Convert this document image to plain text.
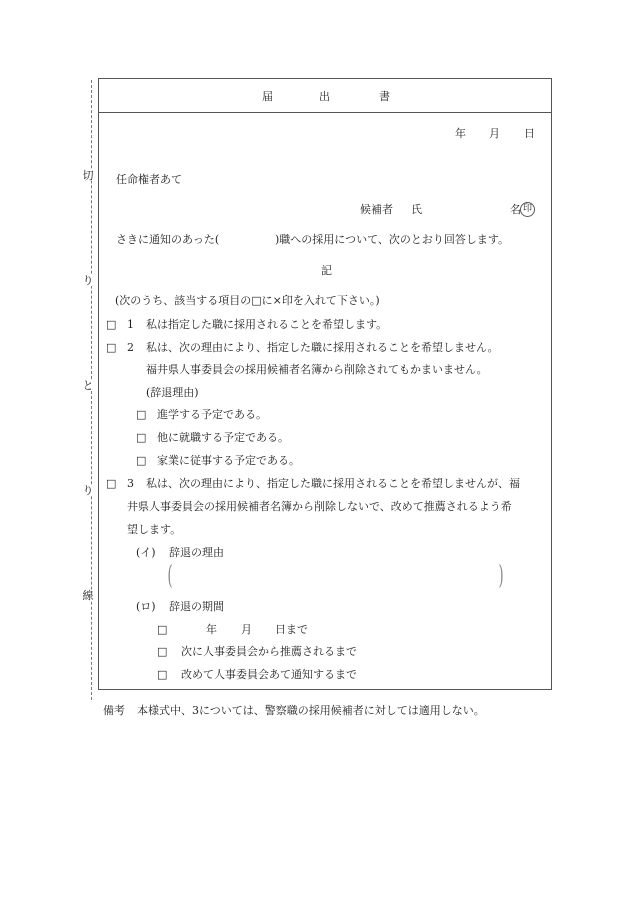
切
り
と
り
線
届	出	書
年 月 日
任命権者あて
候補者 氏	名 印
さきに通知のあった(	)職への採用について、次のとおり回答します。
記
(次のうち、該当する項目の□に×印を入れて下さい。)
□ 1 私は指定した職に採用されることを希望します。
□ 2 私は、次の理由により、指定した職に採用されることを希望しません。
福井県人事委員会の採用候補者名簿から削除されてもかまいません。
(辞退理由)
□ 進学する予定である。
□ 他に就職する予定である。
□ 家業に従事する予定である。
□ 3 私は、次の理由により、指定した職に採用されることを希望しませんが、福
井県人事委員会の採用候補者名簿から削除しないで、改めて推薦されるよう希
望します。
(イ) 辞退の理由
(	)
(ロ) 辞退の期間
□	年 月 日まで
□ 次に人事委員会から推薦されるまで
□ 改めて人事委員会あて通知するまで
備考 本様式中、3については、警察職の採用候補者に対しては適用しない。
